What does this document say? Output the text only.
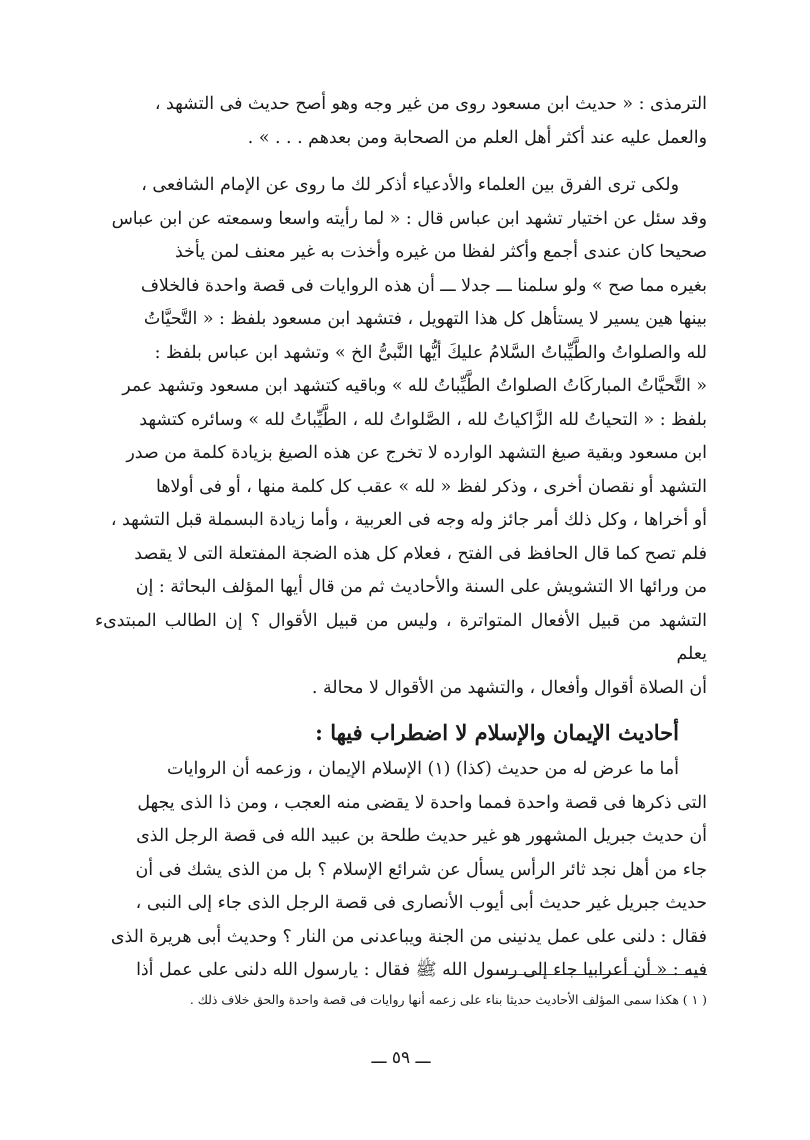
الترمذى : « حديث ابن مسعود روى من غير وجه وهو أصح حديث فى التشهد ،

والعمل عليه عند أكثر أهل العلم من الصحابة ومن بعدهم . . . » .

ولكى ترى الفرق بين العلماء والأدعياء أذكر لك ما روى عن الإمام الشافعى ،

وقد سئل عن اختيار تشهد ابن عباس قال : « لما رأيته واسعا وسمعته عن ابن عباس

صحيحا كان عندى أجمع وأكثر لفظا من غيره وأخذت به غير معنف لمن يأخذ

بغيره مما صح » ولو سلمنا ـــ جدلا ـــ أن هذه الروايات فى قصة واحدة فالخلاف

بينها هين يسير لا يستأهل كل هذا التهويل ، فتشهد ابن مسعود بلفظ : « التَّحيَّاتُ

لله والصلواتُ والطَّيِّباتُ السَّلامُ عليكَ أيُّها النَّبىُّ الخ » وتشهد ابن عباس بلفظ :

« التَّحيَّاتُ المباركَاتُ الصلواتُ الطَّيِّباتُ لله » وباقيه كتشهد ابن مسعود وتشهد عمر

بلفظ : « التحياتُ لله الزَّاكياتُ لله ، الصَّلواتُ لله ، الطَّيِّباتُ لله » وسائره كتشهد

ابن مسعود وبقية صيغ التشهد الوارده لا تخرج عن هذه الصيغ بزيادة كلمة من صدر

التشهد أو نقصان أخرى ، وذكر لفظ « لله » عقب كل كلمة منها ، أو فى أولاها

أو أخراها ، وكل ذلك أمر جائز وله وجه فى العربية ، وأما زيادة البسملة قبل التشهد ،

فلم تصح كما قال الحافظ فى الفتح ، فعلام كل هذه الضجة المفتعلة التى لا يقصد

من ورائها الا التشويش على السنة والأحاديث ثم من قال أيها المؤلف البحاثة : إن

التشهد من قبيل الأفعال المتواترة ، وليس من قبيل الأقوال ؟ إن الطالب المبتدىء يعلم

أن الصلاة أقوال وأفعال ، والتشهد من الأقوال لا محالة .

أحاديث الإيمان والإسلام لا اضطراب فيها :

أما ما عرض له من حديث (كذا) (١) الإسلام الإيمان ، وزعمه أن الروايات

التى ذكرها فى قصة واحدة فمما واحدة لا يقضى منه العجب ، ومن ذا الذى يجهل

أن حديث جبريل المشهور هو غير حديث طلحة بن عبيد الله فى قصة الرجل الذى

جاء من أهل نجد ثائر الرأس يسأل عن شرائع الإسلام ؟ بل من الذى يشك فى أن

حديث جبريل غير حديث أبى أيوب الأنصارى فى قصة الرجل الذى جاء إلى النبى ،

فقال : دلنى على عمل يدنينى من الجنة ويباعدنى من النار ؟ وحديث أبى هريرة الذى

فيه : « أن أعرابيا جاء إلى رسول الله ﷺ فقال : يارسول الله دلنى على عمل أذا

( ١ ) هكذا سمى المؤلف الأحاديث حديثا بناء على زعمه أنها روايات فى قصة واحدة والحق خلاف ذلك .
ـــ ٥٩ ـــ
